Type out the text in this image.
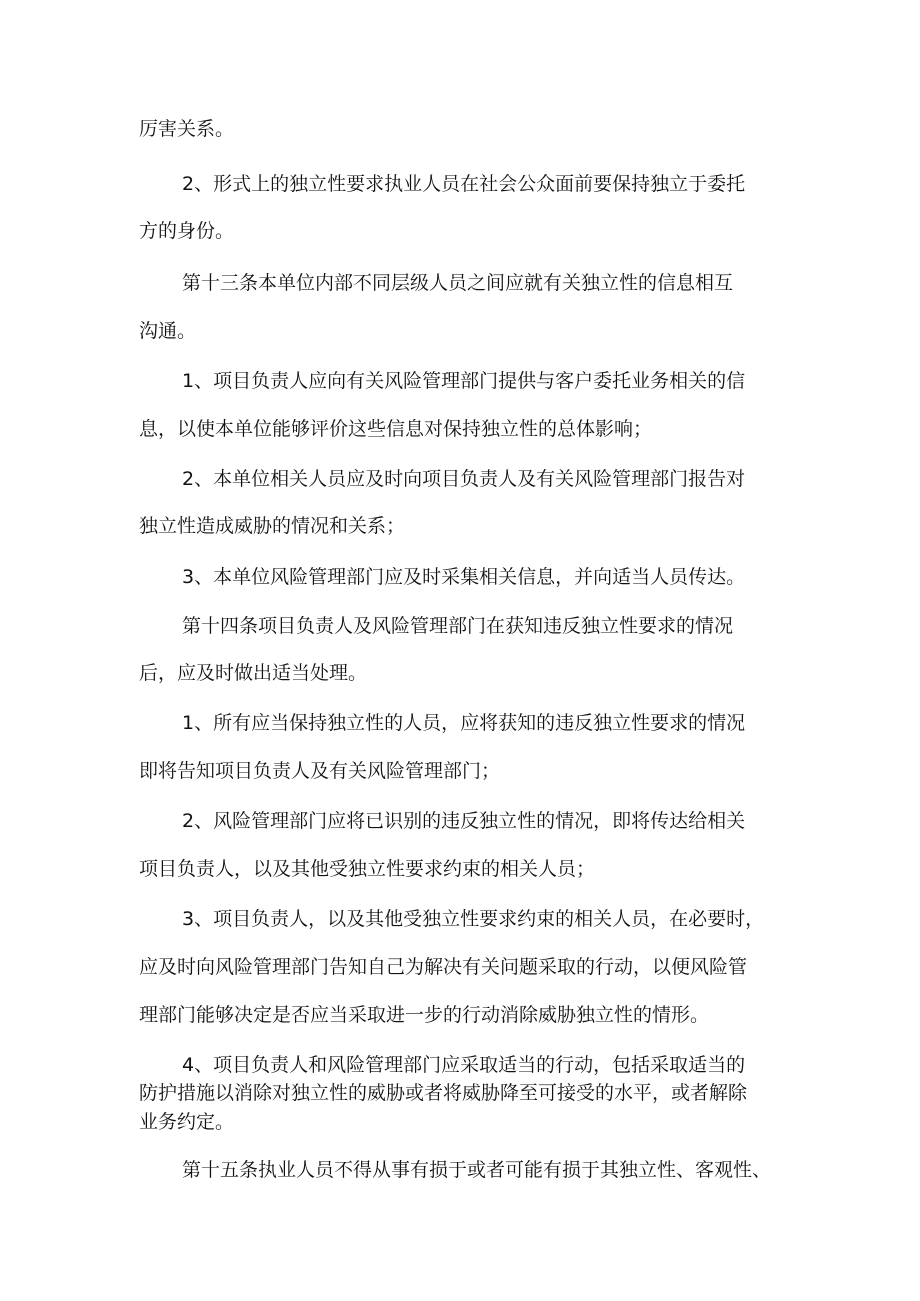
厉害关系。
2、形式上的独立性要求执业人员在社会公众面前要保持独立于委托
方的身份。
第十三条本单位内部不同层级人员之间应就有关独立性的信息相互
沟通。
1、项目负责人应向有关风险管理部门提供与客户委托业务相关的信
息，以使本单位能够评价这些信息对保持独立性的总体影响；
2、本单位相关人员应及时向项目负责人及有关风险管理部门报告对
独立性造成威胁的情况和关系；
3、本单位风险管理部门应及时采集相关信息，并向适当人员传达。
第十四条项目负责人及风险管理部门在获知违反独立性要求的情况
后，应及时做出适当处理。
1、所有应当保持独立性的人员，应将获知的违反独立性要求的情况
即将告知项目负责人及有关风险管理部门；
2、风险管理部门应将已识别的违反独立性的情况，即将传达给相关
项目负责人，以及其他受独立性要求约束的相关人员；
3、项目负责人，以及其他受独立性要求约束的相关人员，在必要时，
应及时向风险管理部门告知自己为解决有关问题采取的行动，以便风险管
理部门能够决定是否应当采取进一步的行动消除威胁独立性的情形。
4、项目负责人和风险管理部门应采取适当的行动，包括采取适当的
防护措施以消除对独立性的威胁或者将威胁降至可接受的水平，或者解除
业务约定。
第十五条执业人员不得从事有损于或者可能有损于其独立性、客观性、
